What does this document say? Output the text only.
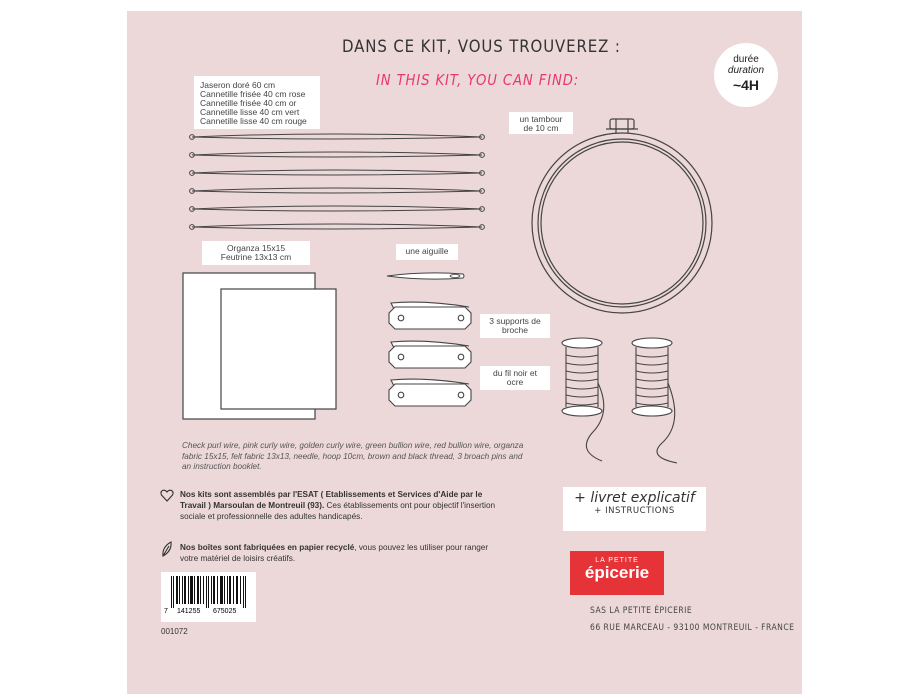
DANS CE KIT, VOUS TROUVEREZ :
IN THIS KIT, YOU CAN FIND:
durée
duration
~4H
Jaseron doré 60 cm
Cannetille frisée 40 cm rose
Cannetille frisée 40 cm or
Cannetille lisse 40 cm vert
Cannetille lisse 40 cm rouge	un tambour de 10 cm
Organza 15x15
Feutrine 13x13 cm
une aiguille
3 supports de broche
du fil noir et ocre
Check purl wire, pink curly wire, golden curly wire, green bullion wire, red bullion wire, organza fabric 15x15, felt fabric 13x13, needle, hoop 10cm, brown and black thread, 3 broach pins and an instruction booklet.
Nos kits sont assemblés par l'ESAT ( Etablissements et Services d'Aide par le Travail ) Marsoulan de Montreuil (93). Ces établissements ont pour objectif l'insertion sociale et professionnelle des adultes handicapés.
Nos boîtes sont fabriquées en papier recyclé, vous pouvez les utiliser pour ranger votre matériel de loisirs créatifs.
7 141255 675025
001072
+ livret explicatif
+ INSTRUCTIONS
LA PETITE
épicerie
SAS LA PETITE ÉPICERIE
66 RUE MARCEAU - 93100 MONTREUIL - FRANCE
